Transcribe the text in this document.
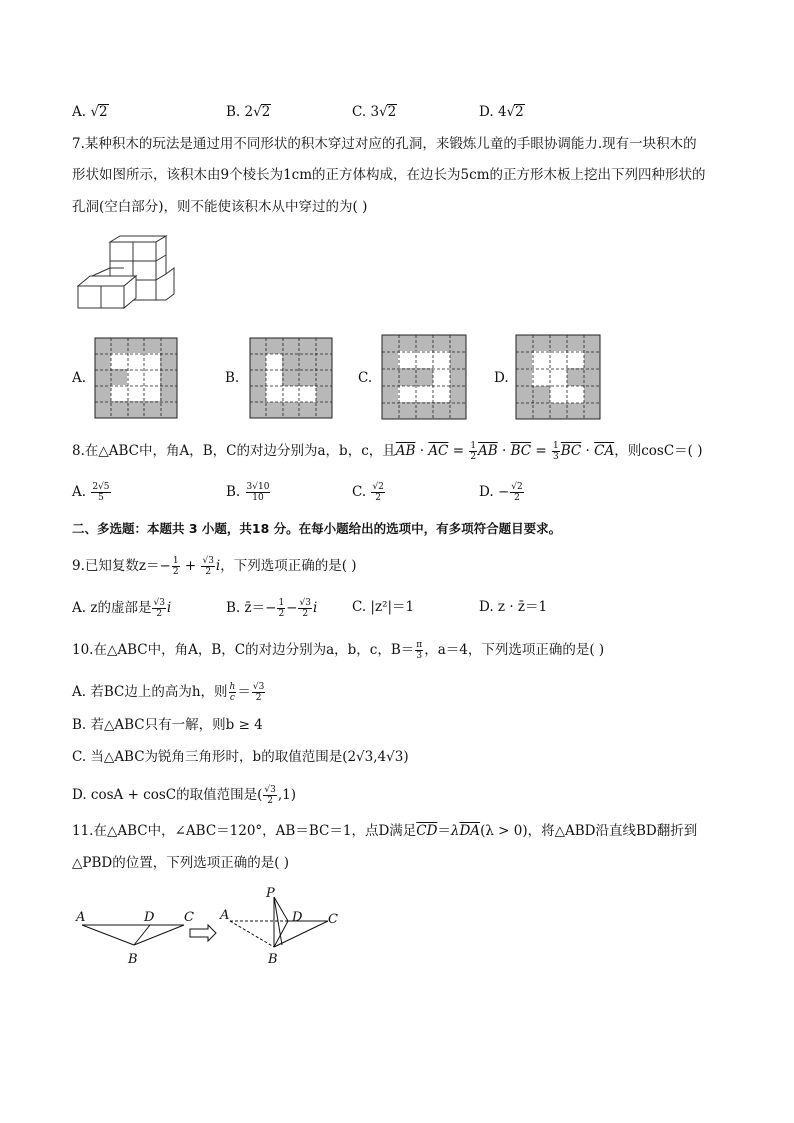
A. √2	B. 2√2	C. 3√2	D. 4√2
7.某种积木的玩法是通过用不同形状的积木穿过对应的孔洞，来锻炼儿童的手眼协调能力.现有一块积木的
形状如图所示，该积木由9个棱长为1cm的正方体构成，在边长为5cm的正方形木板上挖出下列四种形状的
孔洞(空白部分)，则不能使该积木从中穿过的为( )
A.	B.	C.	D.
8.在△ABC中，角A，B，C的对边分别为a，b，c，且$\overline{AB} \cdot \overline{AC} = \frac{1}{2} \overline{AB} \cdot \overline{BC} = \frac{1}{3} \overline{BC} \cdot \overline{CA}$，则cosC＝( )
A. $\frac{2√5}{5}$	B. $\frac{3√10}{10}$	C. $\frac{√2}{2}$	D. − $\frac{√2}{2}$
二、多选题：本题共 3 小题，共18 分。在每小题给出的选项中，有多项符合题目要求。
9.已知复数$z=- \frac{1}{2} + \frac{√3}{2}$ i，下列选项正确的是( )
A. z的虚部是 $\frac{√3}{2}$ i	B. z̄＝− $\frac{1}{2} - \frac{√3}{2}$ i	C. |z²|＝1	D. z · z̄＝1
10.在△ABC中，角A，B，C的对边分别为a，b，c，$B= \frac{\pi}{3}$ ，a＝4，下列选项正确的是( )
A. 若BC边上的高为h，则 $\frac{h}{c} = \frac{√3}{2}$
B. 若△ABC只有一解，则b ≥ 4
C. 当△ABC为锐角三角形时，b的取值范围是(2√3,4√3)
D. cosA + cosC的取值范围是( $\frac{√3}{2} ,1$)
11.在△ABC中，∠ABC＝120°，AB＝BC＝1，点D满足$\overline{CD}=\lambda\overline{DA}(\lambda > 0)$，将△ABD沿直线BD翻折到
△PBD的位置，下列选项正确的是( )
A	D C
B
A
P
D C
B
